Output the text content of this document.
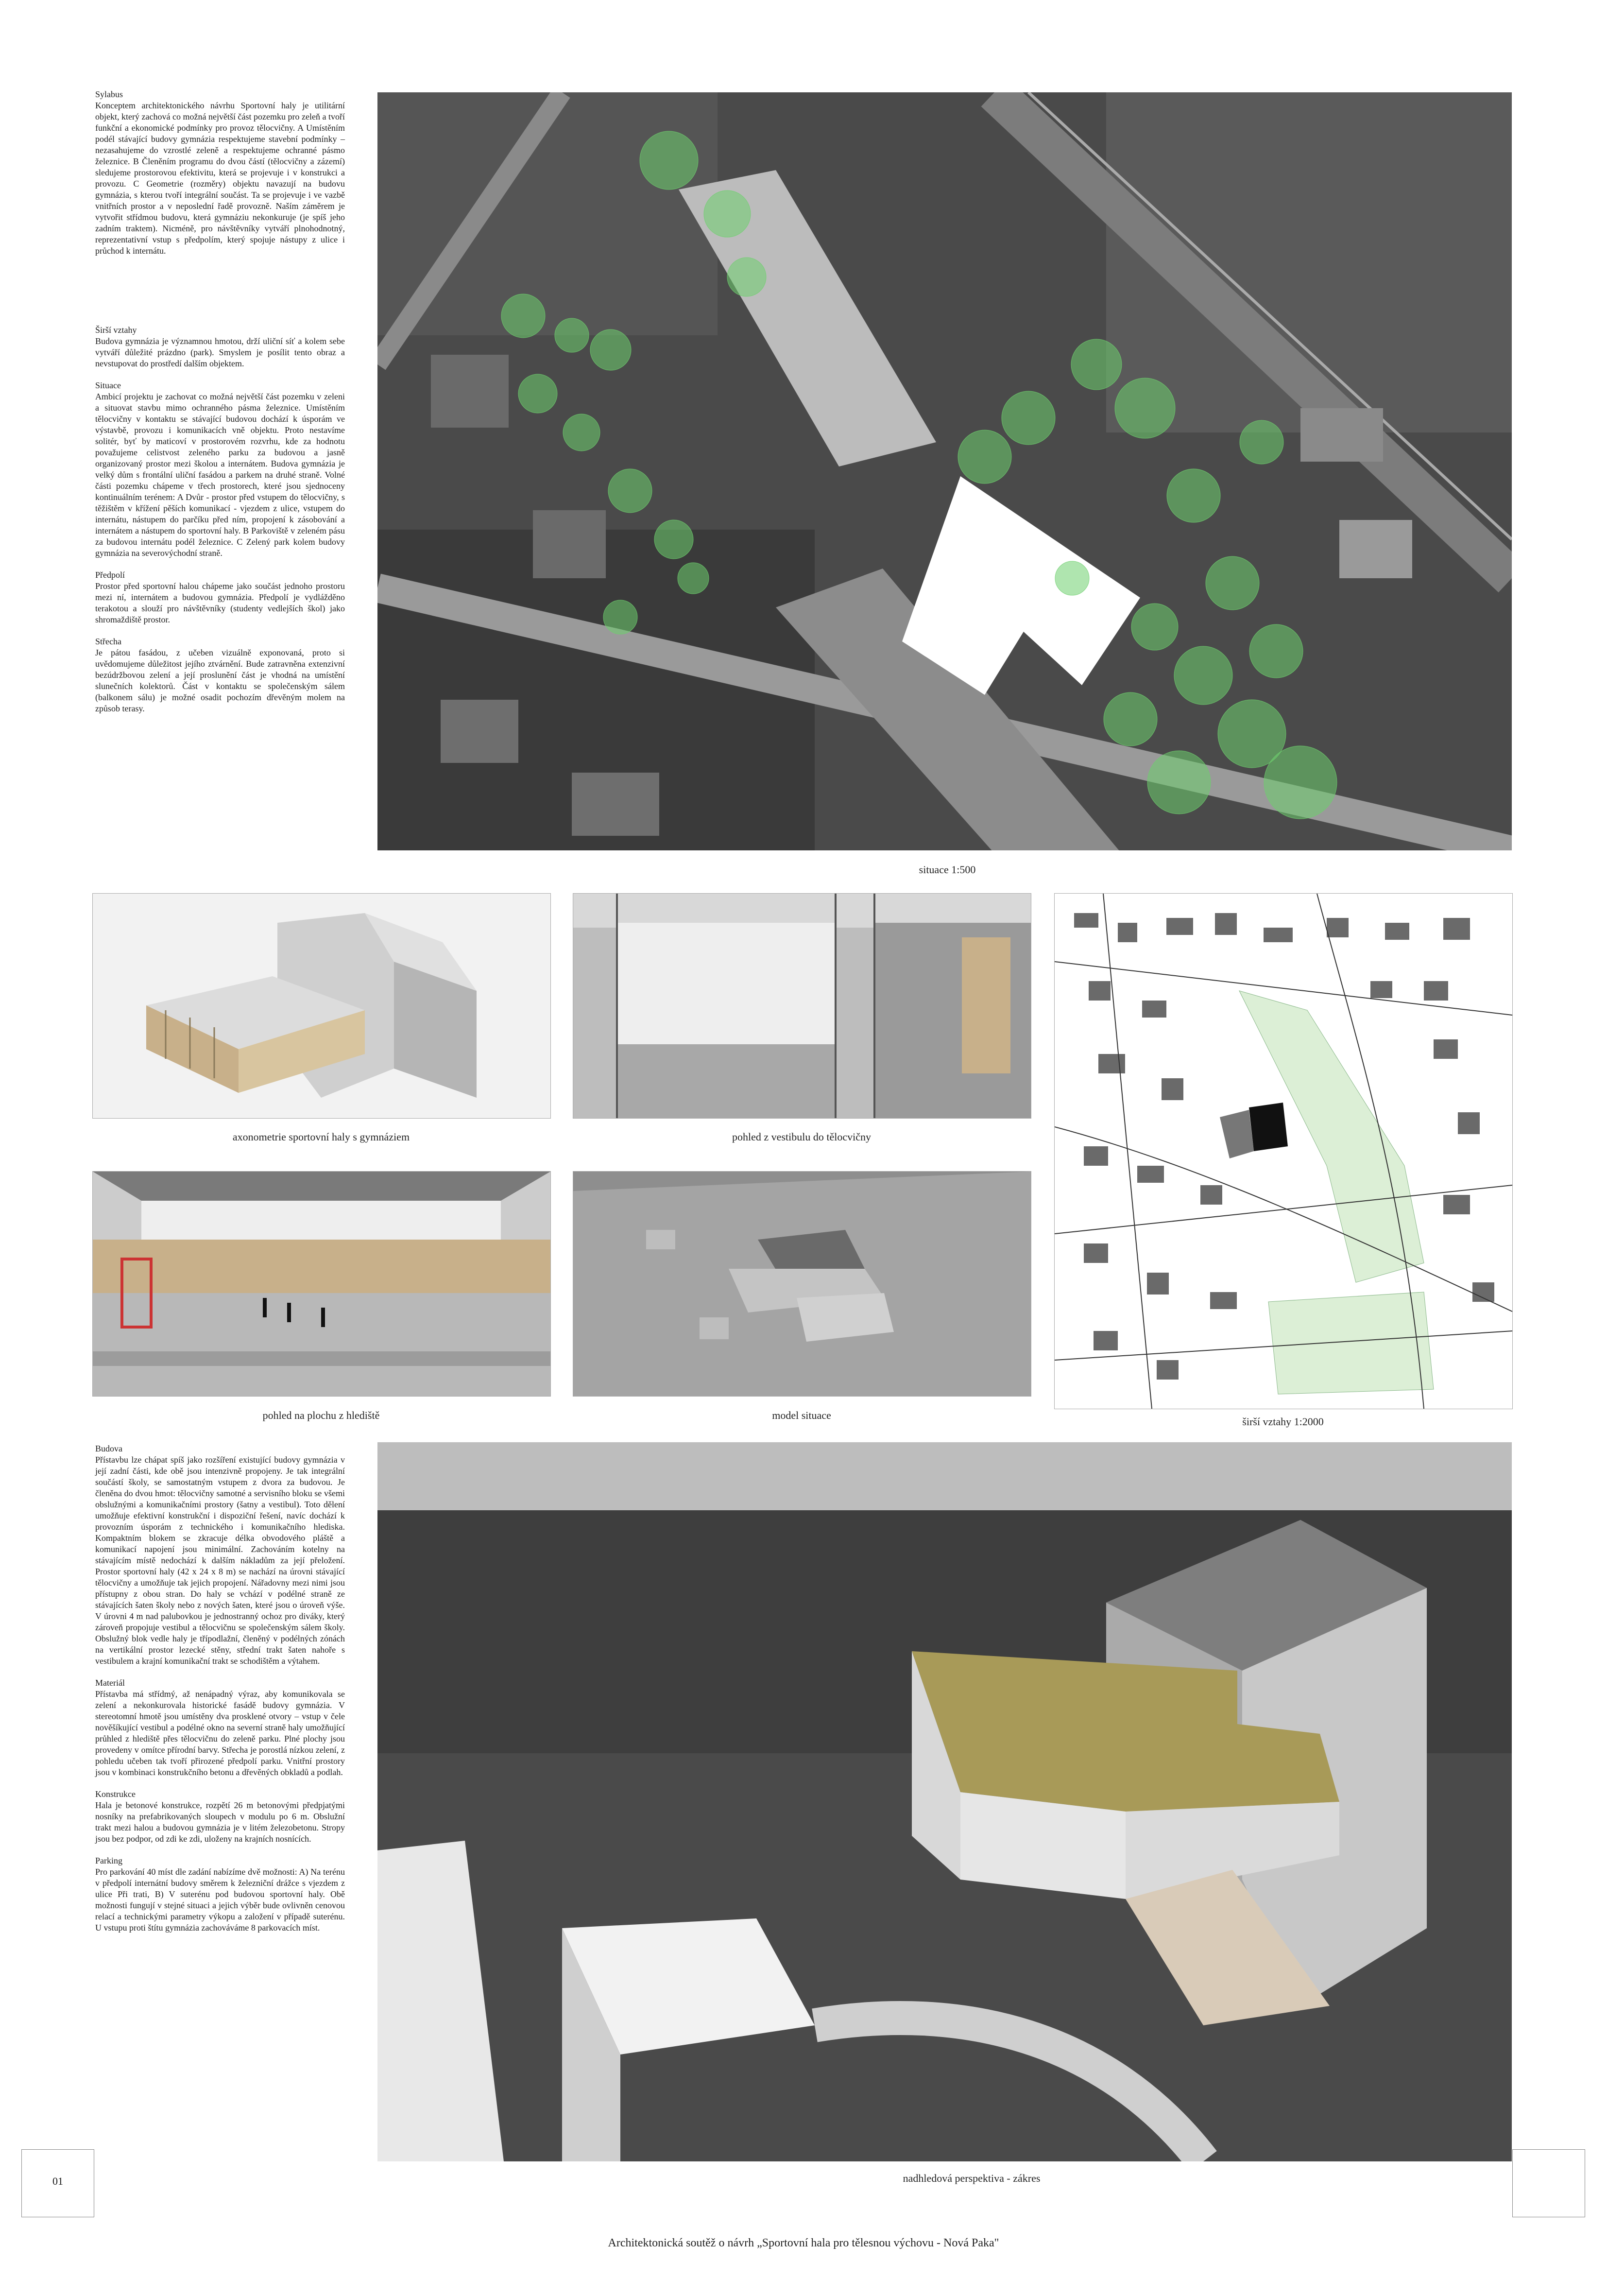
Sylabus

Konceptem architektonického návrhu Sportovní haly je utilitární objekt, který zachová co možná největší část pozemku pro zeleň a tvoří funkční a ekonomické podmínky pro provoz tělocvičny. A Umístěním podél stávající budovy gymnázia respektujeme stavební podmínky – nezasahujeme do vzrostlé zeleně a respektujeme ochranné pásmo železnice. B Členěním programu do dvou částí (tělocvičny a zázemí) sledujeme prostorovou efektivitu, která se projevuje i v konstrukci a provozu. C Geometrie (rozměry) objektu navazují na budovu gymnázia, s kterou tvoří integrální součást. Ta se projevuje i ve vazbě vnitřních prostor a v neposlední řadě provozně. Naším záměrem je vytvořit střídmou budovu, která gymnáziu nekonkuruje (je spíš jeho zadním traktem). Nicméně, pro návštěvníky vytváří plnohodnotný, reprezentativní vstup s předpolím, který spojuje nástupy z ulice i průchod k internátu.

Širší vztahy

Budova gymnázia je významnou hmotou, drží uliční síť a kolem sebe vytváří důležité prázdno (park). Smyslem je posílit tento obraz a nevstupovat do prostředí dalším objektem.

Situace

Ambicí projektu je zachovat co možná největší část pozemku v zeleni a situovat stavbu mimo ochranného pásma železnice. Umístěním tělocvičny v kontaktu se stávající budovou dochází k úsporám ve výstavbě, provozu i komunikacích vně objektu. Proto nestavíme solitér, byť by maticoví v prostorovém rozvrhu, kde za hodnotu považujeme celistvost zeleného parku za budovou a jasně organizovaný prostor mezi školou a internátem. Budova gymnázia je velký dům s frontální uliční fasádou a parkem na druhé straně. Volné části pozemku chápeme v třech prostorech, které jsou sjednoceny kontinuálním terénem: A Dvůr - prostor před vstupem do tělocvičny, s těžištěm v křížení pěších komunikací - vjezdem z ulice, vstupem do internátu, nástupem do parčíku před ním, propojení k zásobování a internátem a nástupem do sportovní haly. B Parkoviště v zeleném pásu za budovou internátu podél železnice. C Zelený park kolem budovy gymnázia na severovýchodní straně.

Předpolí

Prostor před sportovní halou chápeme jako součást jednoho prostoru mezi ní, internátem a budovou gymnázia. Předpolí je vydlážděno terakotou a slouží pro návštěvníky (studenty vedlejších škol) jako shromaždiště prostor.

Střecha

Je pátou fasádou, z učeben vizuálně exponovaná, proto si uvědomujeme důležitost jejího ztvárnění. Bude zatravněna extenzivní bezúdržbovou zelení a její proslunění část je vhodná na umístění slunečních kolektorů. Část v kontaktu se společenským sálem (balkonem sálu) je možné osadit pochozím dřevěným molem na způsob terasy.

situace 1:500
axonometrie sportovní haly s gymnáziem	pohled z vestibulu do tělocvičny
širší vztahy 1:2000
pohled na plochu z hlediště	model situace

Budova

Přístavbu lze chápat spíš jako rozšíření existující budovy gymnázia v její zadní části, kde obě jsou intenzivně propojeny. Je tak integrální součástí školy, se samostatným vstupem z dvora za budovou. Je členěna do dvou hmot: tělocvičny samotné a servisního bloku se všemi obslužnými a komunikačními prostory (šatny a vestibul). Toto dělení umožňuje efektivní konstrukční i dispoziční řešení, navíc dochází k provozním úsporám z technického i komunikačního hlediska. Kompaktním blokem se zkracuje délka obvodového pláště a komunikací napojení jsou minimální. Zachováním kotelny na stávajícím místě nedochází k dalším nákladům za její přeložení. Prostor sportovní haly (42 x 24 x 8 m) se nachází na úrovni stávající tělocvičny a umožňuje tak jejich propojení. Nářadovny mezi nimi jsou přístupny z obou stran. Do haly se vchází v podélné straně ze stávajících šaten školy nebo z nových šaten, které jsou o úroveň výše. V úrovni 4 m nad palubovkou je jednostranný ochoz pro diváky, který zároveň propojuje vestibul a tělocvičnu se společenským sálem školy. Obslužný blok vedle haly je třípodlažní, členěný v podélných zónách na vertikální prostor lezecké stěny, střední trakt šaten nahoře s vestibulem a krajní komunikační trakt se schodištěm a výtahem.

Materiál

Přístavba má střídmý, až nenápadný výraz, aby komunikovala se zelení a nekonkurovala historické fasádě budovy gymnázia. V stereotomní hmotě jsou umístěny dva prosklené otvory – vstup v čele nověšíkující vestibul a podélné okno na severní straně haly umožňující průhled z hlediště přes tělocvičnu do zeleně parku. Plné plochy jsou provedeny v omítce přírodní barvy. Střecha je porostlá nízkou zelení, z pohledu učeben tak tvoří přirozené předpolí parku. Vnitřní prostory jsou v kombinaci konstrukčního betonu a dřevěných obkladů a podlah.

Konstrukce

Hala je betonové konstrukce, rozpětí 26 m betonovými předpjatými nosníky na prefabrikovaných sloupech v modulu po 6 m. Obslužní trakt mezi halou a budovou gymnázia je v litém železobetonu. Stropy jsou bez podpor, od zdi ke zdi, uloženy na krajních nosnících.

Parking

Pro parkování 40 míst dle zadání nabízíme dvě možnosti: A) Na terénu v předpolí internátní budovy směrem k železniční drážce s vjezdem z ulice Při trati, B) V suterénu pod budovou sportovní haly. Obě možnosti fungují v stejné situaci a jejich výběr bude ovlivněn cenovou relací a technickými parametry výkopu a založení v případě suterénu. U vstupu proti štítu gymnázia zachováváme 8 parkovacích míst.

nadhledová perspektiva - zákres
01
Architektonická soutěž o návrh „Sportovní hala pro tělesnou výchovu - Nová Paka"
